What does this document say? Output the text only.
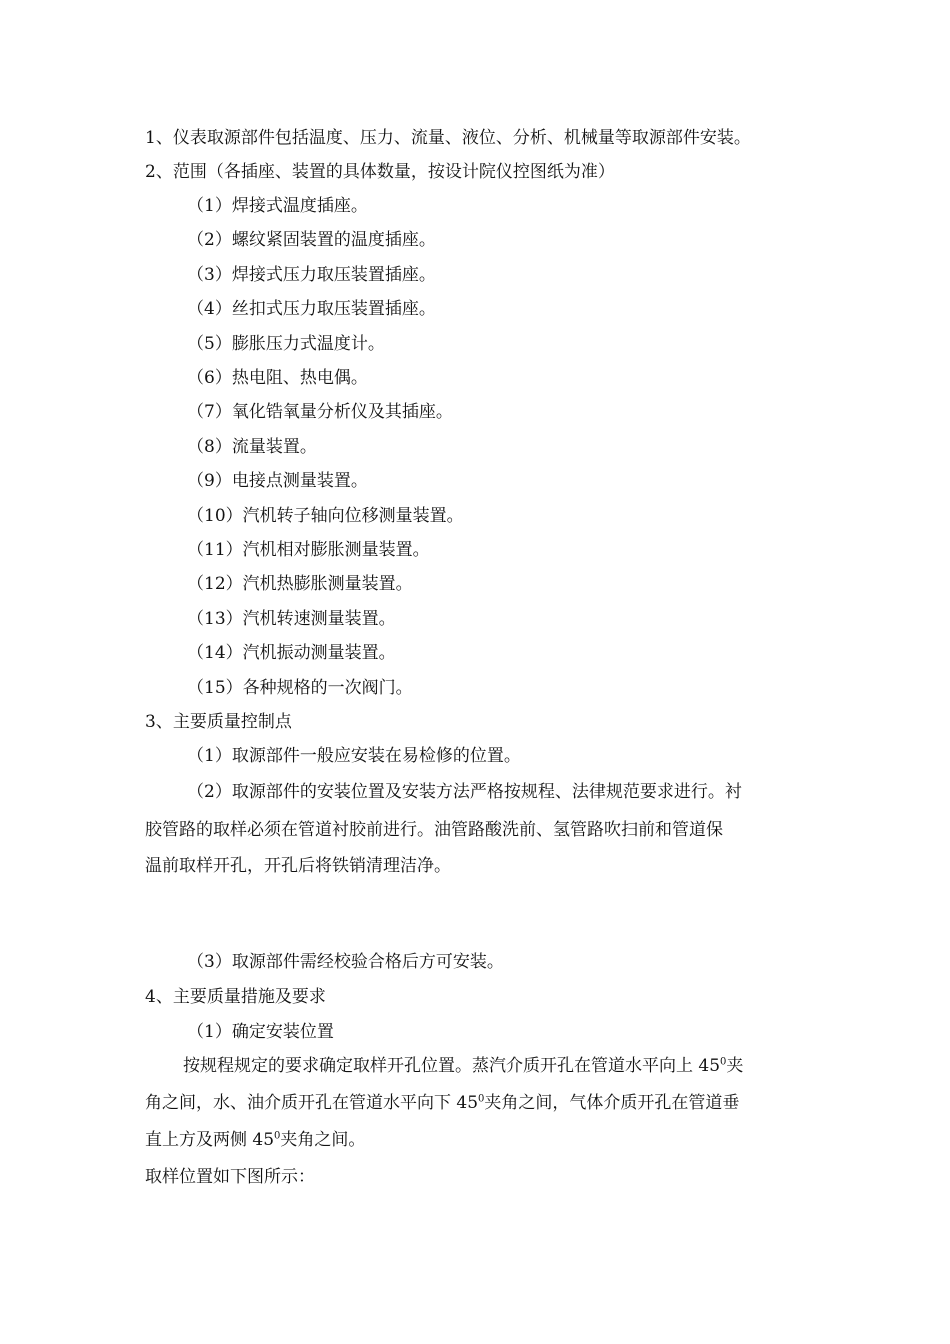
1、仪表取源部件包括温度、压力、流量、液位、分析、机械量等取源部件安装。
2、范围（各插座、装置的具体数量，按设计院仪控图纸为准）
（1）焊接式温度插座。
（2）螺纹紧固装置的温度插座。
（3）焊接式压力取压装置插座。
（4）丝扣式压力取压装置插座。
（5）膨胀压力式温度计。
（6）热电阻、热电偶。
（7）氧化锆氧量分析仪及其插座。
（8）流量装置。
（9）电接点测量装置。
（10）汽机转子轴向位移测量装置。
（11）汽机相对膨胀测量装置。
（12）汽机热膨胀测量装置。
（13）汽机转速测量装置。
（14）汽机振动测量装置。
（15）各种规格的一次阀门。
3、主要质量控制点
（1）取源部件一般应安装在易检修的位置。
（2）取源部件的安装位置及安装方法严格按规程、法律规范要求进行。衬
胶管路的取样必须在管道衬胶前进行。油管路酸洗前、氢管路吹扫前和管道保
温前取样开孔，开孔后将铁销清理洁净。
（3）取源部件需经校验合格后方可安装。
4、主要质量措施及要求
（1）确定安装位置
按规程规定的要求确定取样开孔位置。蒸汽介质开孔在管道水平向上 $45^0$夹
角之间，水、油介质开孔在管道水平向下 $45^0$夹角之间，气体介质开孔在管道垂
直上方及两侧 $45^0$夹角之间。
取样位置如下图所示：
